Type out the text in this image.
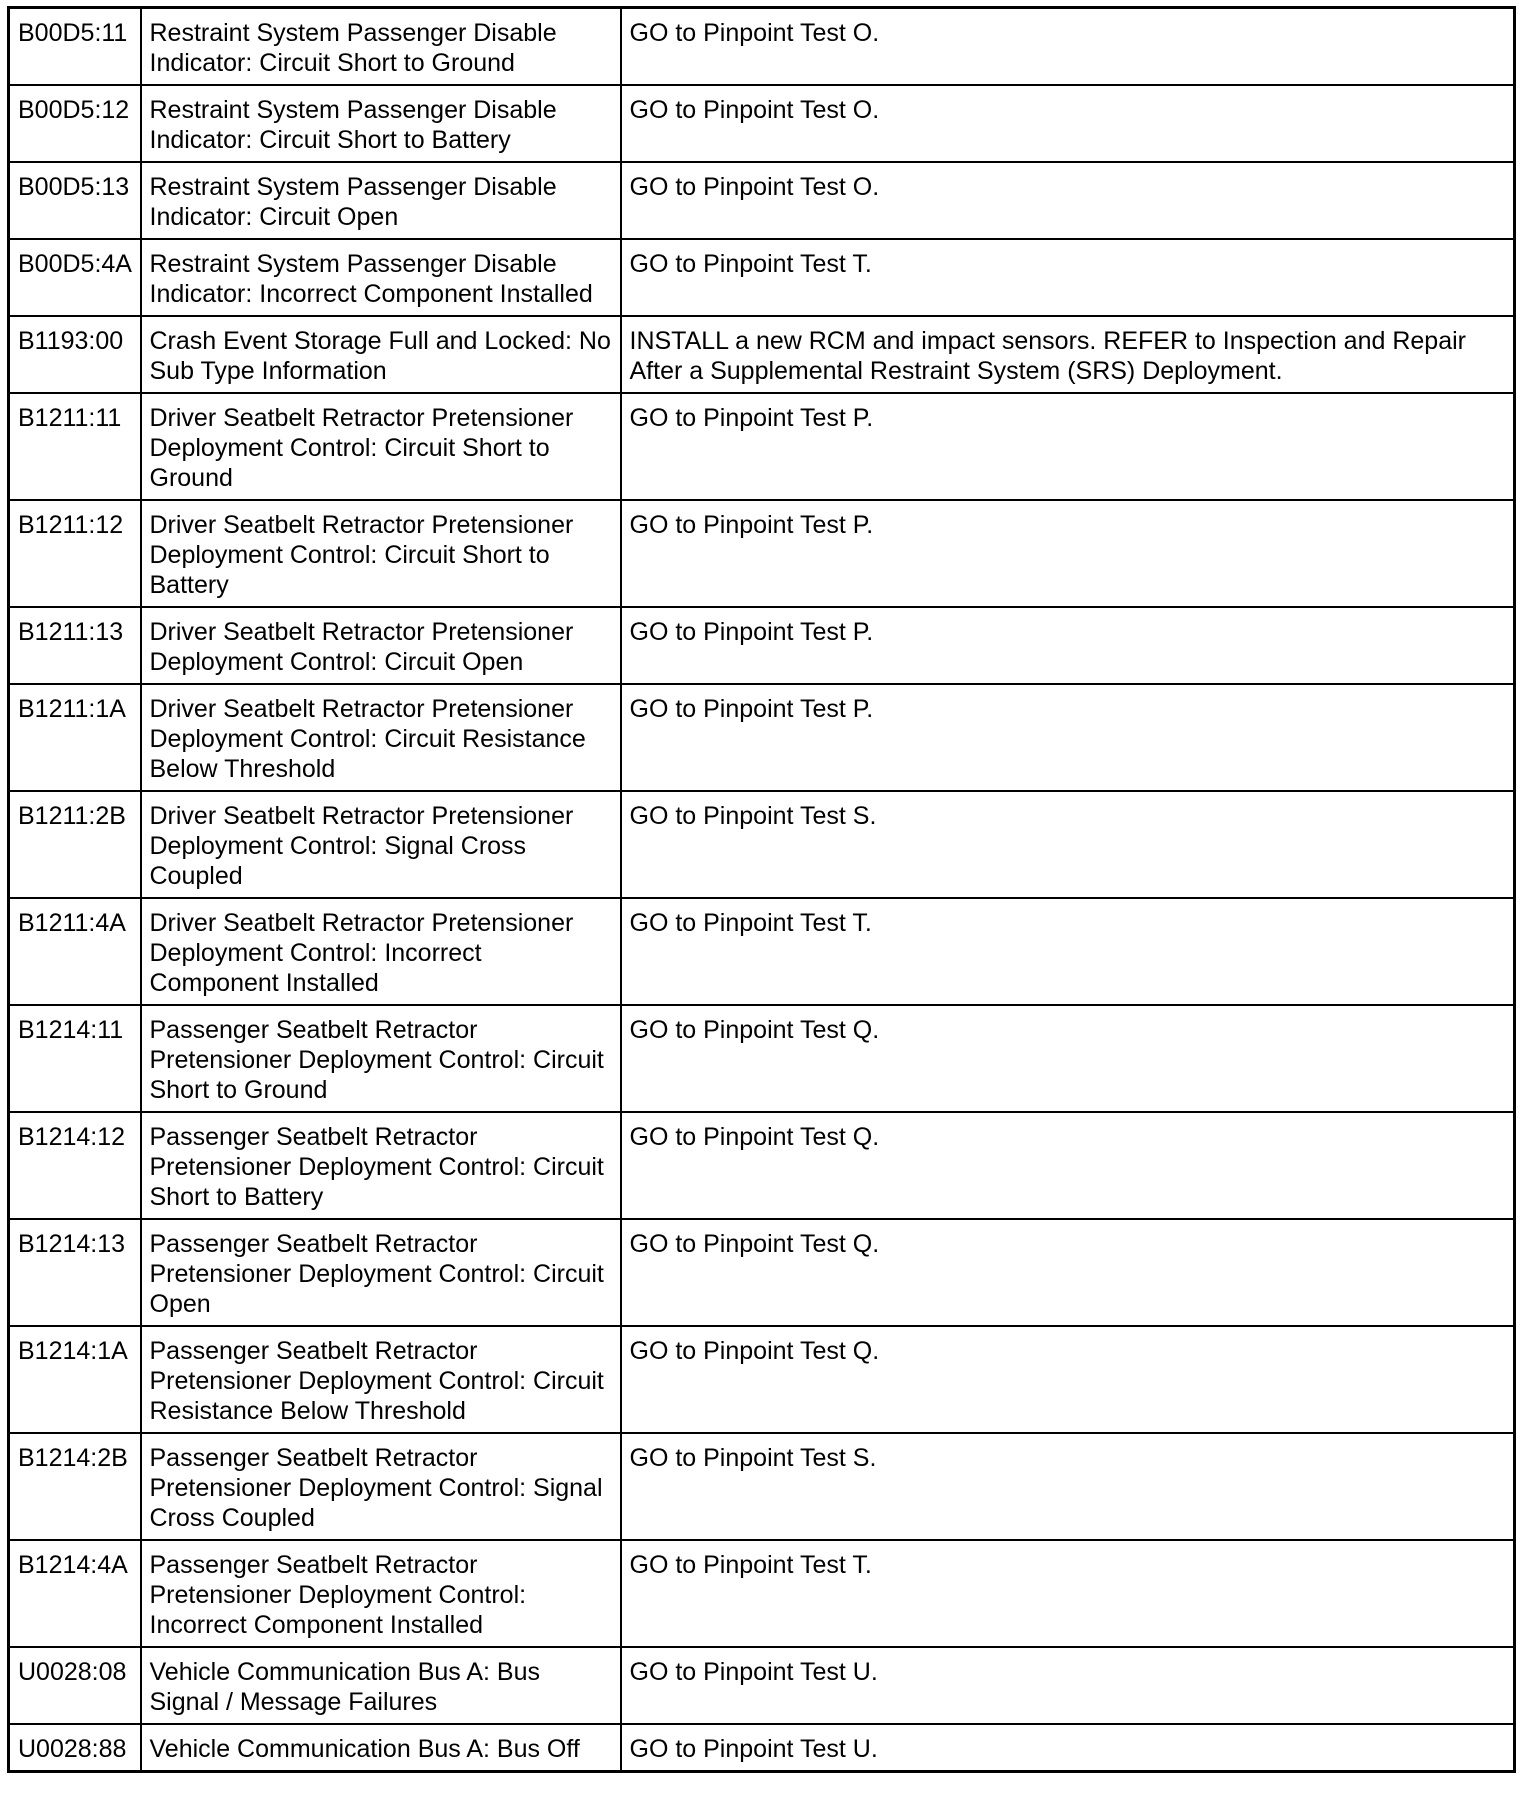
B00D5:11	Restraint System Passenger Disable Indicator: Circuit Short to Ground	GO to Pinpoint Test O.
B00D5:12	Restraint System Passenger Disable Indicator: Circuit Short to Battery	GO to Pinpoint Test O.
B00D5:13	Restraint System Passenger Disable Indicator: Circuit Open	GO to Pinpoint Test O.
B00D5:4A	Restraint System Passenger Disable Indicator: Incorrect Component Installed	GO to Pinpoint Test T.
B1193:00	Crash Event Storage Full and Locked: No Sub Type Information	INSTALL a new RCM and impact sensors. REFER to Inspection and Repair After a Supplemental Restraint System (SRS) Deployment.
B1211:11	Driver Seatbelt Retractor Pretensioner Deployment Control: Circuit Short to Ground	GO to Pinpoint Test P.
B1211:12	Driver Seatbelt Retractor Pretensioner Deployment Control: Circuit Short to Battery	GO to Pinpoint Test P.
B1211:13	Driver Seatbelt Retractor Pretensioner Deployment Control: Circuit Open	GO to Pinpoint Test P.
B1211:1A	Driver Seatbelt Retractor Pretensioner Deployment Control: Circuit Resistance Below Threshold	GO to Pinpoint Test P.
B1211:2B	Driver Seatbelt Retractor Pretensioner Deployment Control: Signal Cross Coupled	GO to Pinpoint Test S.
B1211:4A	Driver Seatbelt Retractor Pretensioner Deployment Control: Incorrect Component Installed	GO to Pinpoint Test T.
B1214:11	Passenger Seatbelt Retractor Pretensioner Deployment Control: Circuit Short to Ground	GO to Pinpoint Test Q.
B1214:12	Passenger Seatbelt Retractor Pretensioner Deployment Control: Circuit Short to Battery	GO to Pinpoint Test Q.
B1214:13	Passenger Seatbelt Retractor Pretensioner Deployment Control: Circuit Open	GO to Pinpoint Test Q.
B1214:1A	Passenger Seatbelt Retractor Pretensioner Deployment Control: Circuit Resistance Below Threshold	GO to Pinpoint Test Q.
B1214:2B	Passenger Seatbelt Retractor Pretensioner Deployment Control: Signal Cross Coupled	GO to Pinpoint Test S.
B1214:4A	Passenger Seatbelt Retractor Pretensioner Deployment Control: Incorrect Component Installed	GO to Pinpoint Test T.
U0028:08	Vehicle Communication Bus A: Bus Signal / Message Failures	GO to Pinpoint Test U.
U0028:88	Vehicle Communication Bus A: Bus Off	GO to Pinpoint Test U.
